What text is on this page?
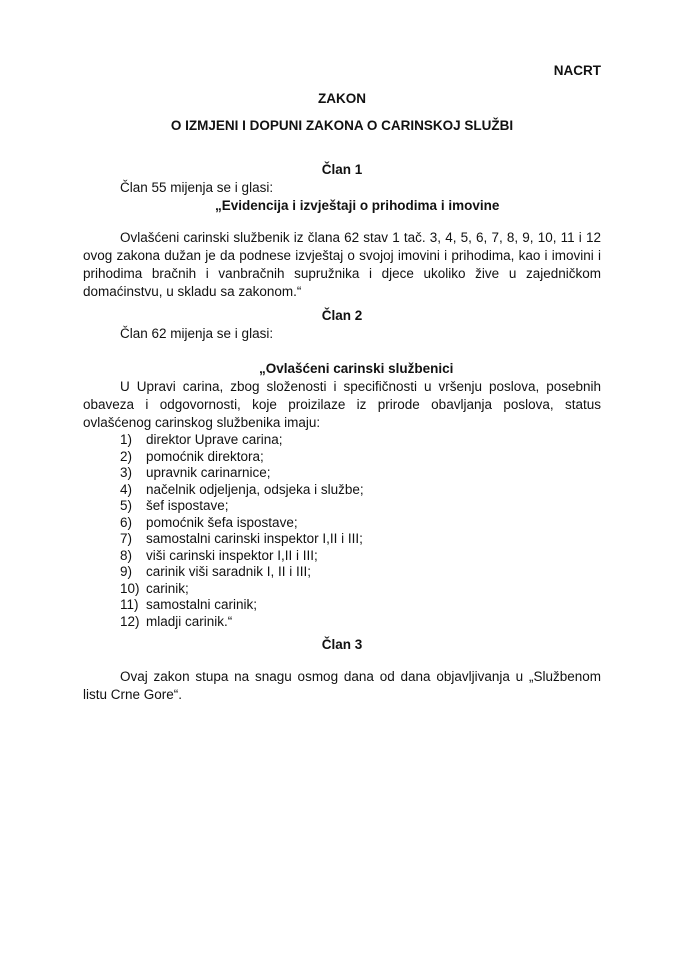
NACRT
ZAKON
O IZMJENI I DOPUNI ZAKONA O CARINSKOJ SLUŽBI
Član 1
Član 55 mijenja se i glasi:
„Evidencija i izvještaji o prihodima i imovine

Ovlašćeni carinski službenik iz člana 62 stav 1 tač. 3, 4, 5, 6, 7, 8, 9, 10, 11 i 12 ovog zakona dužan je da podnese izvještaj o svojoj imovini i prihodima, kao i imovini i prihodima bračnih i vanbračnih supružnika i djece ukoliko žive u zajedničkom domaćinstvu, u skladu sa zakonom.“

Član 2
Član 62 mijenja se i glasi:
„Ovlašćeni carinski službenici

U Upravi carina, zbog složenosti i specifičnosti u vršenju poslova, posebnih obaveza i odgovornosti, koje proizilaze iz prirode obavljanja poslova, status ovlašćenog carinskog službenika imaju:

1)	direktor Uprave carina;
2)	pomoćnik direktora;
3)	upravnik carinarnice;
4)	načelnik odjeljenja, odsjeka i službe;
5)	šef ispostave;
6)	pomoćnik šefa ispostave;
7)	samostalni carinski inspektor I,II i III;
8)	viši carinski inspektor I,II i III;
9)	carinik viši saradnik I, II i III;
10) carinik;
11) samostalni carinik;
12) mladji carinik.“
Član 3

Ovaj zakon stupa na snagu osmog dana od dana objavljivanja u „Službenom listu Crne Gore“.
